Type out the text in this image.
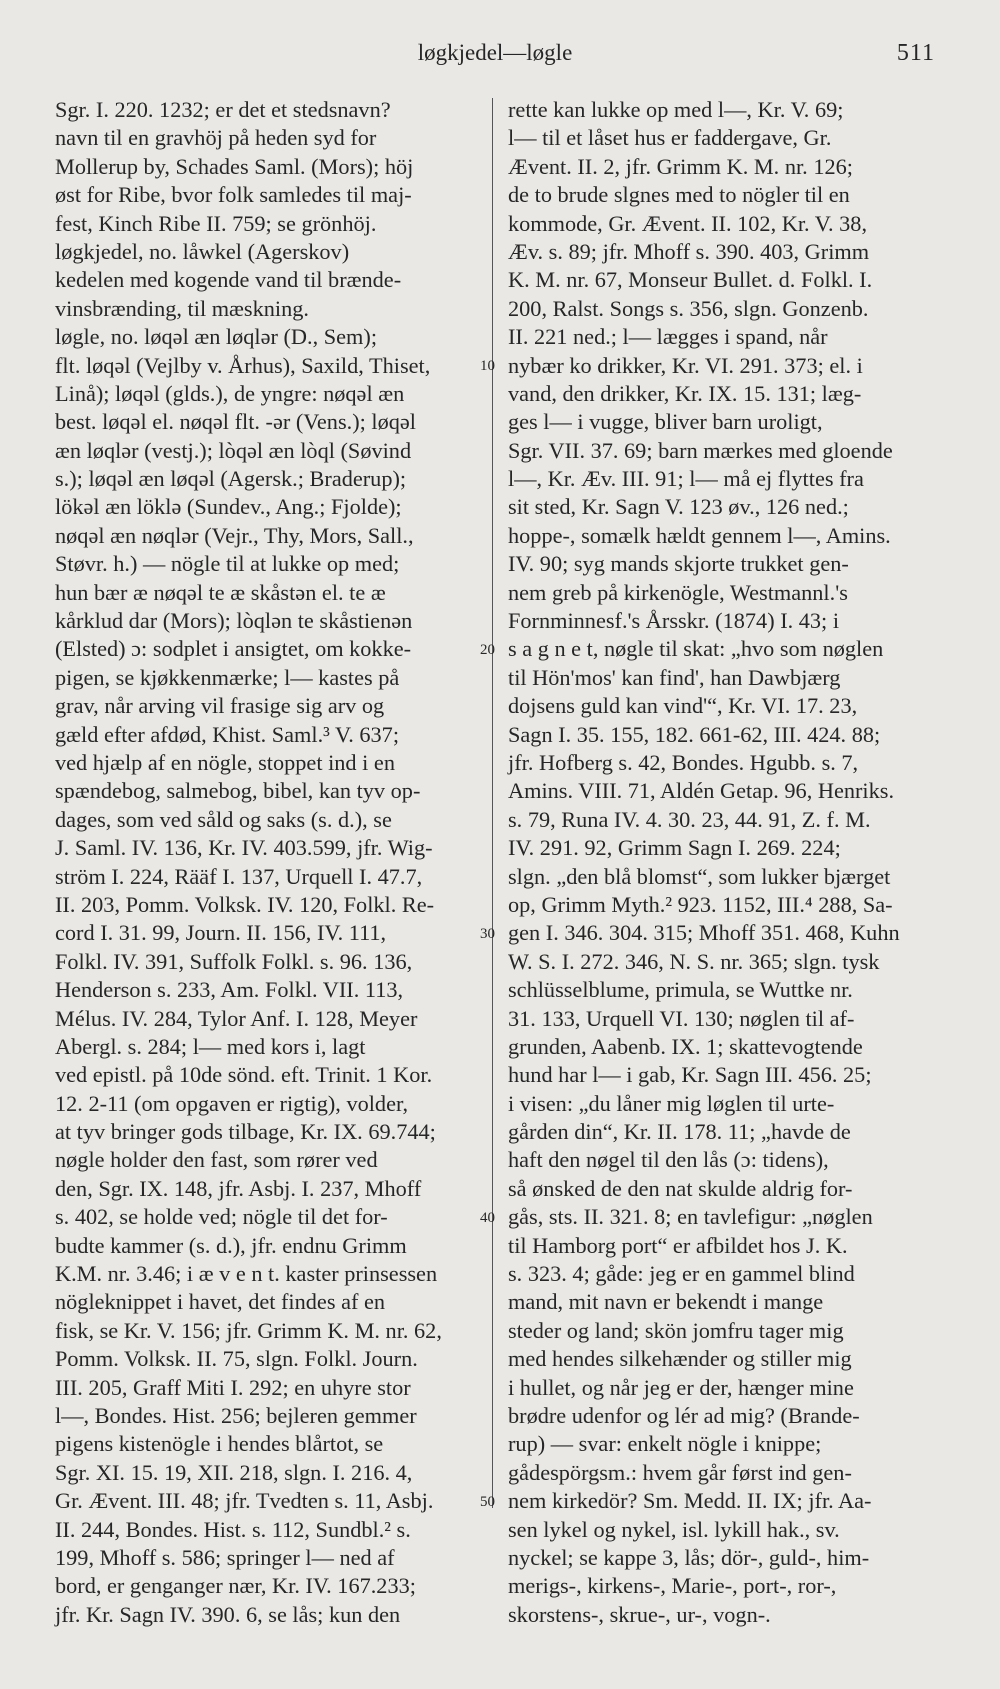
løgkjedel—løgle	511
Sgr. I. 220. 1232; er det et stedsnavn?
navn til en gravhöj på heden syd for
Mollerup by, Schades Saml. (Mors); höj
øst for Ribe, bvor folk samledes til maj-
fest, Kinch Ribe II. 759; se grönhöj.
løgkjedel, no. låwkel (Agerskov)
kedelen med kogende vand til brænde-
vinsbrænding, til mæskning.
løgle, no. løqəl æn løqlər (D., Sem);
flt. løqəl (Vejlby v. Århus), Saxild, Thiset,
Linå); løqəl (glds.), de yngre: nøqəl æn
best. løqəl el. nøqəl flt. -ər (Vens.); løqəl
æn løqlər (vestj.); lòqəl æn lòql (Søvind
s.); løqəl æn løqəl (Agersk.; Braderup);
lökəl æn löklə (Sundev., Ang.; Fjolde);
nøqəl æn nøqlər (Vejr., Thy, Mors, Sall.,
Støvr. h.) — nögle til at lukke op med;
hun bær æ nøqəl te æ skåstən el. te æ
kårklud dar (Mors); lòqlən te skåstienən
(Elsted) ɔ: sodplet i ansigtet, om kokke-
pigen, se kjøkkenmærke; l— kastes på
grav, når arving vil frasige sig arv og
gæld efter afdød, Khist. Saml.³ V. 637;
ved hjælp af en nögle, stoppet ind i en
spændebog, salmebog, bibel, kan tyv op-
dages, som ved såld og saks (s. d.), se
J. Saml. IV. 136, Kr. IV. 403.599, jfr. Wig-
ström I. 224, Rääf I. 137, Urquell I. 47.7,
II. 203, Pomm. Volksk. IV. 120, Folkl. Re-
cord I. 31. 99, Journ. II. 156, IV. 111,
Folkl. IV. 391, Suffolk Folkl. s. 96. 136,
Henderson s. 233, Am. Folkl. VII. 113,
Mélus. IV. 284, Tylor Anf. I. 128, Meyer
Abergl. s. 284; l— med kors i, lagt
ved epistl. på 10de sönd. eft. Trinit. 1 Kor.
12. 2-11 (om opgaven er rigtig), volder,
at tyv bringer gods tilbage, Kr. IX. 69.744;
nøgle holder den fast, som rører ved
den, Sgr. IX. 148, jfr. Asbj. I. 237, Mhoff
s. 402, se holde ved; nögle til det for-
budte kammer (s. d.), jfr. endnu Grimm
K.M. nr. 3.46; i æ v e n t. kaster prinsessen
nögleknippet i havet, det findes af en
fisk, se Kr. V. 156; jfr. Grimm K. M. nr. 62,
Pomm. Volksk. II. 75, slgn. Folkl. Journ.
III. 205, Graff Miti I. 292; en uhyre stor
l—, Bondes. Hist. 256; bejleren gemmer
pigens kistenögle i hendes blårtot, se
Sgr. XI. 15. 19, XII. 218, slgn. I. 216. 4,
Gr. Ævent. III. 48; jfr. Tvedten s. 11, Asbj.
II. 244, Bondes. Hist. s. 112, Sundbl.² s.
199, Mhoff s. 586; springer l— ned af
bord, er genganger nær, Kr. IV. 167.233;
jfr. Kr. Sagn IV. 390. 6, se lås; kun den
rette kan lukke op med l—, Kr. V. 69;
l— til et låset hus er faddergave, Gr.
Ævent. II. 2, jfr. Grimm K. M. nr. 126;
de to brude slgnes med to nögler til en
kommode, Gr. Ævent. II. 102, Kr. V. 38,
Æv. s. 89; jfr. Mhoff s. 390. 403, Grimm
K. M. nr. 67, Monseur Bullet. d. Folkl. I.
200, Ralst. Songs s. 356, slgn. Gonzenb.
II. 221 ned.; l— lægges i spand, når
nybær ko drikker, Kr. VI. 291. 373; el. i
vand, den drikker, Kr. IX. 15. 131; læg-
ges l— i vugge, bliver barn uroligt,
Sgr. VII. 37. 69; barn mærkes med gloende
l—, Kr. Æv. III. 91; l— må ej flyttes fra
sit sted, Kr. Sagn V. 123 øv., 126 ned.;
hoppe-, somælk hældt gennem l—, Amins.
IV. 90; syg mands skjorte trukket gen-
nem greb på kirkenögle, Westmannl.'s
Fornminnesf.'s Årsskr. (1874) I. 43; i
s a g n e t, nøgle til skat: „hvo som nøglen
til Hön'mos' kan find', han Dawbjærg
dojsens guld kan vind'“, Kr. VI. 17. 23,
Sagn I. 35. 155, 182. 661-62, III. 424. 88;
jfr. Hofberg s. 42, Bondes. Hgubb. s. 7,
Amins. VIII. 71, Aldén Getap. 96, Henriks.
s. 79, Runa IV. 4. 30. 23, 44. 91, Z. f. M.
IV. 291. 92, Grimm Sagn I. 269. 224;
slgn. „den blå blomst“, som lukker bjærget
op, Grimm Myth.² 923. 1152, III.⁴ 288, Sa-
gen I. 346. 304. 315; Mhoff 351. 468, Kuhn
W. S. I. 272. 346, N. S. nr. 365; slgn. tysk
schlüsselblume, primula, se Wuttke nr.
31. 133, Urquell VI. 130; nøglen til af-
grunden, Aabenb. IX. 1; skattevogtende
hund har l— i gab, Kr. Sagn III. 456. 25;
i visen: „du låner mig løglen til urte-
gården din“, Kr. II. 178. 11; „havde de
haft den nøgel til den lås (ɔ: tidens),
så ønsked de den nat skulde aldrig for-
gås, sts. II. 321. 8; en tavlefigur: „nøglen
til Hamborg port“ er afbildet hos J. K.
s. 323. 4; gåde: jeg er en gammel blind
mand, mit navn er bekendt i mange
steder og land; skön jomfru tager mig
med hendes silkehænder og stiller mig
i hullet, og når jeg er der, hænger mine
brødre udenfor og lér ad mig? (Brande-
rup) — svar: enkelt nögle i knippe;
gådespörgsm.: hvem går først ind gen-
nem kirkedör? Sm. Medd. II. IX; jfr. Aa-
sen lykel og nykel, isl. lykill hak., sv.
nyckel; se kappe 3, lås; dör-, guld-, him-
merigs-, kirkens-, Marie-, port-, ror-,
skorstens-, skrue-, ur-, vogn-.
10
20
30
40
50
